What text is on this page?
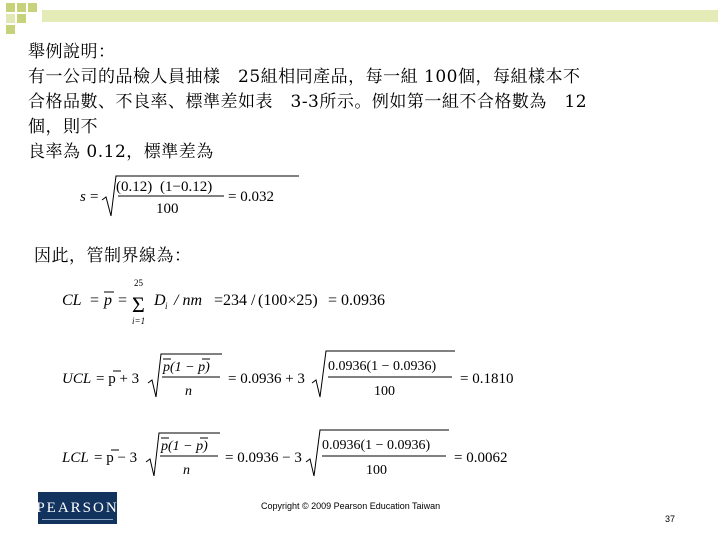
舉例說明：
有一公司的品檢人員抽樣　25組相同產品，每一組 100個，每組樣本不
合格品數、不良率、標準差如表　3-3所示。例如第一組不合格數為　12
個，則不
良率為 0.12，標準差為
s =
(0.12) (1−0.12)
100
= 0.032
因此，管制界線為：
CL = p =
25
Σ
i=1
D i / nm =234 / (100×25) = 0.0936
UCL = p + 3
p(1 − p)
n
= 0.0936 + 3
0.0936(1 − 0.0936)
100
= 0.1810
LCL = p − 3
p(1 − p)
n
= 0.0936 − 3
0.0936(1 − 0.0936)
100
= 0.0062
PEARSON	Copyright © 2009 Pearson Education Taiwan
37
